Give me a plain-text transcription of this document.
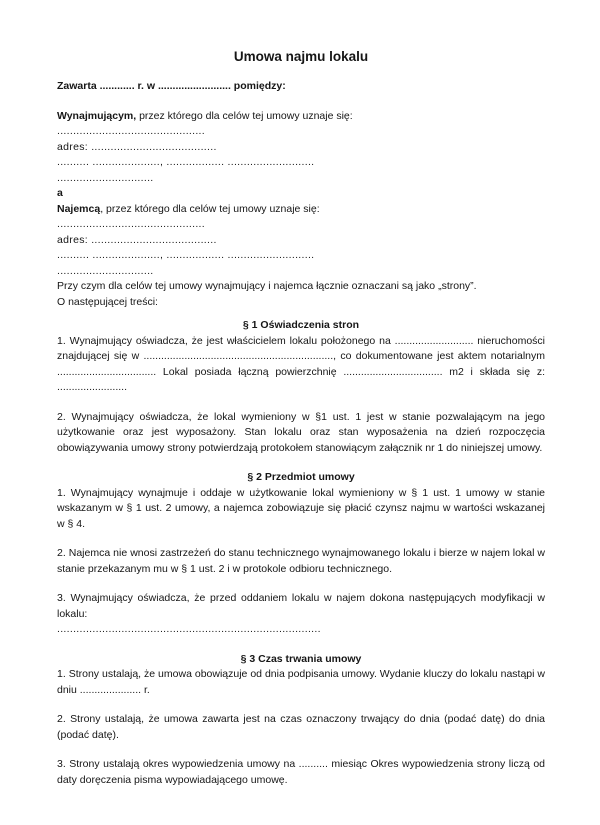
Umowa najmu lokalu

Zawarta ............ r. w ......................... pomiędzy:

Wynajmującym, przez którego dla celów tej umowy uznaje się:

..............................................

adres: .......................................

.......... ....................., .................. ...........................

..............................

a

Najemcą, przez którego dla celów tej umowy uznaje się:

..............................................

adres: .......................................

.......... ....................., .................. ...........................

..............................

Przy czym dla celów tej umowy wynajmujący i najemca łącznie oznaczani są jako „strony”.

O następującej treści:

§ 1 Oświadczenia stron

1. Wynajmujący oświadcza, że jest właścicielem lokalu położonego na ........................... nieruchomości znajdującej się w ................................................................., co dokumentowane jest aktem notarialnym .................................. Lokal posiada łączną powierzchnię .................................. m2 i składa się z: ........................

2. Wynajmujący oświadcza, że lokal wymieniony w §1 ust. 1 jest w stanie pozwalającym na jego użytkowanie oraz jest wyposażony. Stan lokalu oraz stan wyposażenia na dzień rozpoczęcia obowiązywania umowy strony potwierdzają protokołem stanowiącym załącznik nr 1 do niniejszej umowy.

§ 2 Przedmiot umowy

1. Wynajmujący wynajmuje i oddaje w użytkowanie lokal wymieniony w § 1 ust. 1 umowy w stanie wskazanym w § 1 ust. 2 umowy, a najemca zobowiązuje się płacić czynsz najmu w wartości wskazanej w § 4.

2. Najemca nie wnosi zastrzeżeń do stanu technicznego wynajmowanego lokalu i bierze w najem lokal w stanie przekazanym mu w § 1 ust. 2 i w protokole odbioru technicznego.

3. Wynajmujący oświadcza, że przed oddaniem lokalu w najem dokona następujących modyfikacji w lokalu:

..................................................................................

§ 3 Czas trwania umowy

1. Strony ustalają, że umowa obowiązuje od dnia podpisania umowy. Wydanie kluczy do lokalu nastąpi w dniu ..................... r.

2. Strony ustalają, że umowa zawarta jest na czas oznaczony trwający do dnia (podać datę) do dnia (podać datę).

3. Strony ustalają okres wypowiedzenia umowy na .......... miesiąc Okres wypowiedzenia strony liczą od daty doręczenia pisma wypowiadającego umowę.
